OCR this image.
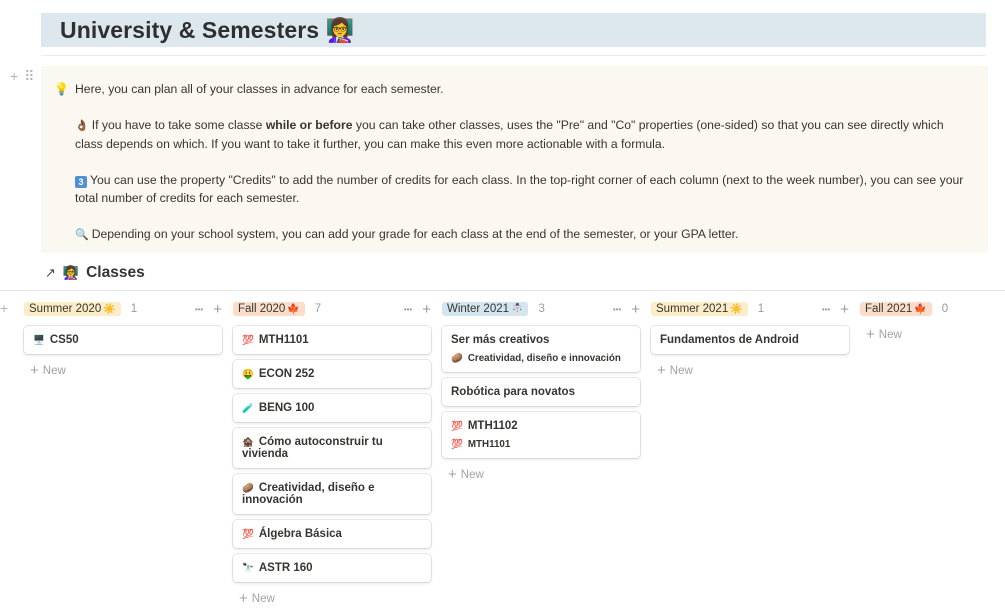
University & Semesters 👩‍🏫
+ ⠿
💡 Here, you can plan all of your classes in advance for each semester.

👌🏾 If you have to take some classe while or before you can take other classes, uses the "Pre" and "Co" properties (one-sided) so that you can see directly which class depends on which. If you want to take it further, you can make this even more actionable with a formula.

3 You can use the property "Credits" to add the number of credits for each class. In the top-right corner of each column (next to the week number), you can see your total number of credits for each semester.

🔍 Depending on your school system, you can add your grade for each class at the end of the semester, or your GPA letter.

↗ 👩‍🏫 Classes
+	Summer 2020 ☀️	1	••• +
🖥️ CS50
+ New
Fall 2020 🍁	7	••• +
💯 MTH1101
🤑 ECON 252
🧪 BENG 100
🏚️ Cómo autoconstruir tu vivienda
🥔 Creatividad, diseño e innovación
💯 Álgebra Básica
🔭 ASTR 160
+ New
Winter 2021 ☃️	3	••• +
Ser más creativos
🥔 Creatividad, diseño e innovación
Robótica para novatos
💯 MTH1102
💯 MTH1101
+ New
Summer 2021 ☀️	1	••• +
Fundamentos de Android
+ New
Fall 2021 🍁	0
+ New
